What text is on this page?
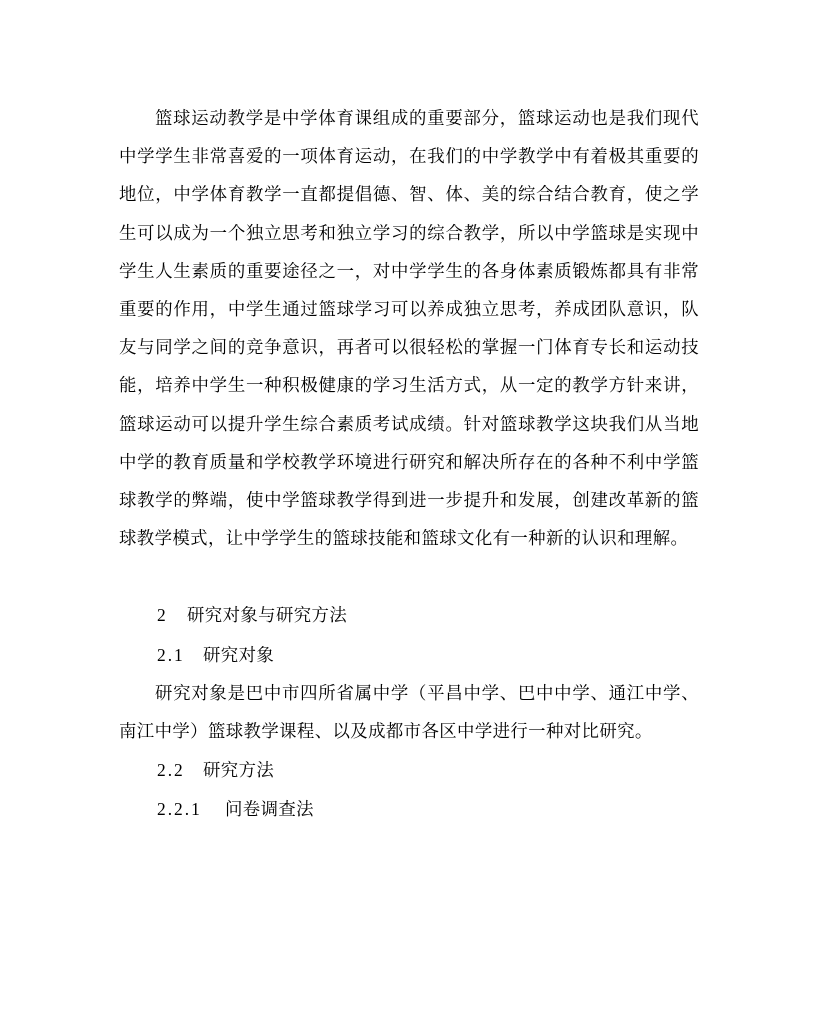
篮球运动教学是中学体育课组成的重要部分，篮球运动也是我们现代中学学生非常喜爱的一项体育运动，在我们的中学教学中有着极其重要的地位，中学体育教学一直都提倡德、智、体、美的综合结合教育，使之学生可以成为一个独立思考和独立学习的综合教学，所以中学篮球是实现中学生人生素质的重要途径之一，对中学学生的各身体素质锻炼都具有非常重要的作用，中学生通过篮球学习可以养成独立思考，养成团队意识，队友与同学之间的竞争意识，再者可以很轻松的掌握一门体育专长和运动技能，培养中学生一种积极健康的学习生活方式，从一定的教学方针来讲，篮球运动可以提升学生综合素质考试成绩。针对篮球教学这块我们从当地中学的教育质量和学校教学环境进行研究和解决所存在的各种不利中学篮球教学的弊端，使中学篮球教学得到进一步提升和发展，创建改革新的篮球教学模式，让中学学生的篮球技能和篮球文化有一种新的认识和理解。

2 研究对象与研究方法

2.1 研究对象

研究对象是巴中市四所省属中学（平昌中学、巴中中学、通江中学、南江中学）篮球教学课程、以及成都市各区中学进行一种对比研究。

2.2 研究方法

2.2.1 问卷调查法
